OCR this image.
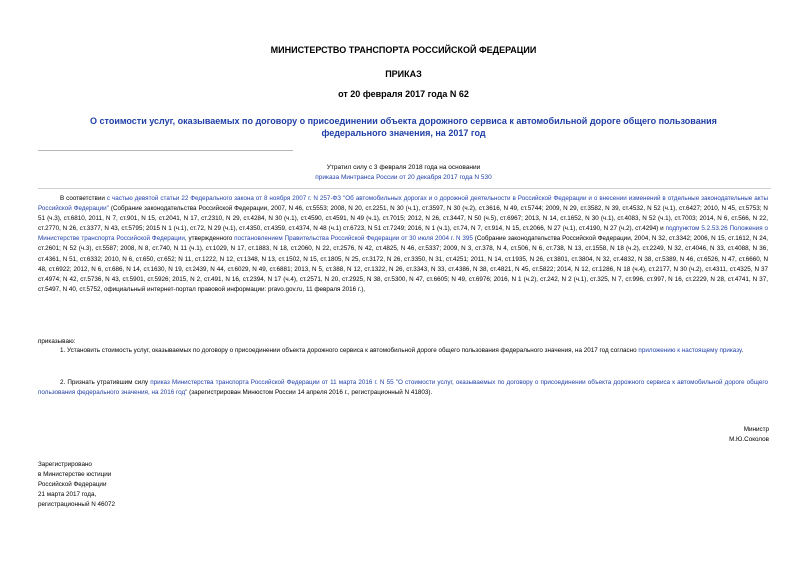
МИНИСТЕРСТВО ТРАНСПОРТА РОССИЙСКОЙ ФЕДЕРАЦИИ
ПРИКАЗ
от 20 февраля 2017 года N 62
О стоимости услуг, оказываемых по договору о присоединении объекта дорожного сервиса к автомобильной дороге общего пользования федерального значения, на 2017 год
Утратил силу с 3 февраля 2018 года на основании
приказа Минтранса России от 20 декабря 2017 года N 530
В соответствии с частью девятой статьи 22 Федерального закона от 8 ноября 2007 г. N 257-ФЗ "Об автомобильных дорогах и о дорожной деятельности в Российской Федерации и о внесении изменений в отдельные законодательные акты Российской Федерации" (Собрание законодательства Российской Федерации, 2007, N 46, ст.5553; 2008, N 20, ст.2251, N 30 (ч.1), ст.3597, N 30 (ч.2), ст.3616, N 49, ст.5744; 2009, N 29, ст.3582, N 39, ст.4532, N 52 (ч.1), ст.6427; 2010, N 45, ст.5753; N 51 (ч.3), ст.6810, 2011, N 7, ст.901, N 15, ст.2041, N 17, ст.2310, N 29, ст.4284, N 30 (ч.1), ст.4590, ст.4591, N 49 (ч.1), ст.7015; 2012, N 26, ст.3447, N 50 (ч.5), ст.6967; 2013, N 14, ст.1652, N 30 (ч.1), ст.4083, N 52 (ч.1), ст.7003; 2014, N 6, ст.566, N 22, ст.2770, N 26, ст.3377, N 43, ст.5795; 2015 N 1 (ч.1), ст.72, N 29 (ч.1), ст.4350, ст.4359, ст.4374, N 48 (ч.1) ст.6723, N 51 ст.7249; 2016, N 1 (ч.1), ст.74, N 7, ст.914, N 15, ст.2066, N 27 (ч.1), ст.4190, N 27 (ч.2), ст.4294) и подпунктом 5.2.53.26 Положения о Министерстве транспорта Российской Федерации, утвержденного постановлением Правительства Российской Федерации от 30 июля 2004 г. N 395 (Собрание законодательства Российской Федерации, 2004, N 32, ст.3342; 2006, N 15, ст.1612, N 24, ст.2601; N 52 (ч.3), ст.5587; 2008, N 8, ст.740, N 11 (ч.1), ст.1029, N 17, ст.1883, N 18, ст.2060, N 22, ст.2576, N 42, ст.4825, N 46, ст.5337; 2009, N 3, ст.378, N 4, ст.506, N 6, ст.738, N 13, ст.1558, N 18 (ч.2), ст.2249, N 32, ст.4046, N 33, ст.4088, N 36, ст.4361, N 51, ст.6332; 2010, N 6, ст.650, ст.652; N 11, ст.1222, N 12, ст.1348, N 13, ст.1502, N 15, ст.1805, N 25, ст.3172, N 26, ст.3350, N 31, ст.4251; 2011, N 14, ст.1935, N 26, ст.3801, ст.3804, N 32, ст.4832, N 38, ст.5389, N 46, ст.6526, N 47, ст.6660, N 48, ст.6922; 2012, N 6, ст.686, N 14, ст.1630, N 19, ст.2439, N 44, ст.6029, N 49, ст.6881; 2013, N 5, ст.388, N 12, ст.1322, N 26, ст.3343, N 33, ст.4386, N 38, ст.4821, N 45, ст.5822; 2014, N 12, ст.1286, N 18 (ч.4), ст.2177, N 30 (ч.2), ст.4311, ст.4325, N 37 ст.4974; N 42, ст.5736, N 43, ст.5901, ст.5926; 2015, N 2, ст.491, N 16, ст.2394, N 17 (ч.4), ст.2571, N 20, ст.2925, N 38, ст.5300, N 47, ст.6605; N 49, ст.6976; 2016, N 1 (ч.2), ст.242, N 2 (ч.1), ст.325, N 7, ст.996, ст.997, N 16, ст.2229, N 28, ст.4741, N 37, ст.5497, N 40, ст.5752, официальный интернет-портал правовой информации: pravo.gov.ru, 11 февраля 2016 г.),
приказываю:
1. Установить стоимость услуг, оказываемых по договору о присоединении объекта дорожного сервиса к автомобильной дороге общего пользования федерального значения, на 2017 год согласно приложению к настоящему приказу.
2. Признать утратившим силу приказ Министерства транспорта Российской Федерации от 11 марта 2016 г. N 55 "О стоимости услуг, оказываемых по договору о присоединении объекта дорожного сервиса к автомобильной дороге общего пользования федерального значения, на 2016 год" (зарегистрирован Минюстом России 14 апреля 2016 г., регистрационный N 41803).
Министр
М.Ю.Соколов
Зарегистрировано
в Министерстве юстиции
Российской Федерации
21 марта 2017 года,
регистрационный N 46072
